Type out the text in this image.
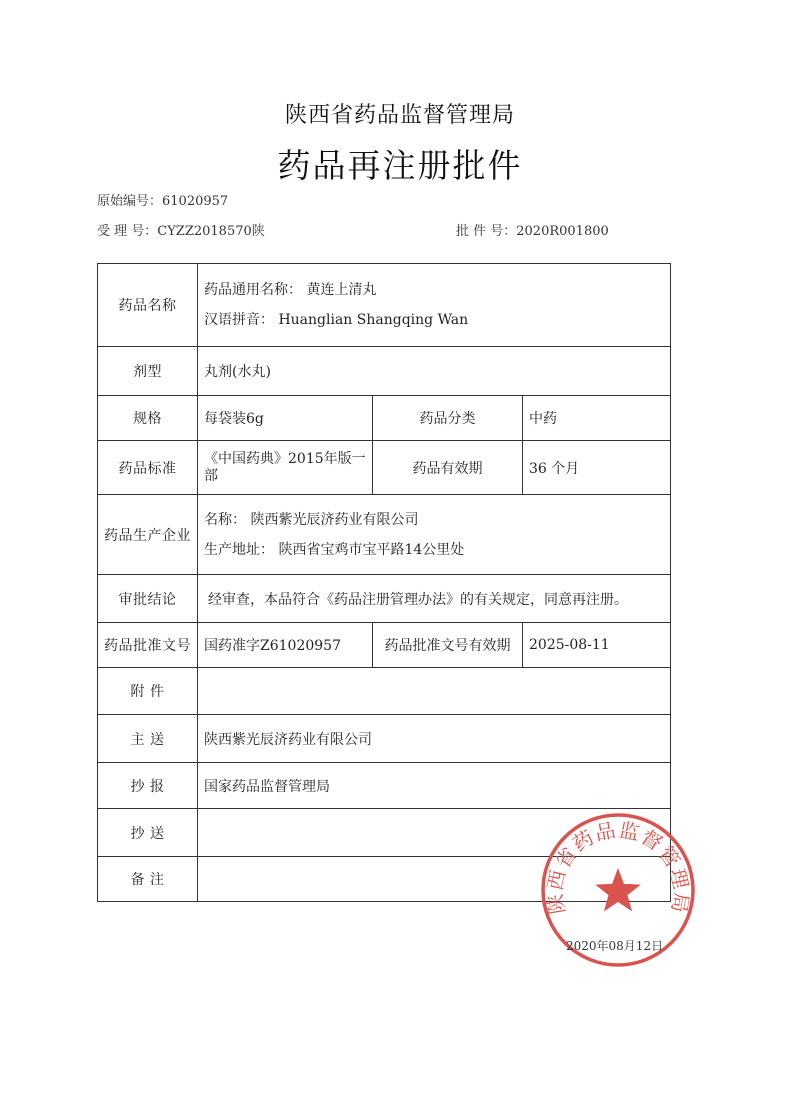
陕西省药品监督管理局
药品再注册批件
原始编号：61020957
受 理 号：CYZZ2018570陕	批 件 号：2020R001800
药品名称	药品通用名称： 黄连上清丸
汉语拼音： Huanglian Shangqing Wan		

剂型	丸剂(水丸)		
规格	每袋装6g	药品分类	中药
药品标准	《中国药典》2015年版一部	药品有效期	36 个月
药品生产企业	名称： 陕西紫光辰济药业有限公司
生产地址： 陕西省宝鸡市宝平路14公里处		

审批结论	经审查，本品符合《药品注册管理办法》的有关规定，同意再注册。		
药品批准文号	国药准字Z61020957	药品批准文号有效期	2025-08-11
附 件			
主 送	陕西紫光辰济药业有限公司		
抄 报	国家药品监督管理局		
抄 送			
备 注			
陕西省药品监督管理局
2020年08月12日
